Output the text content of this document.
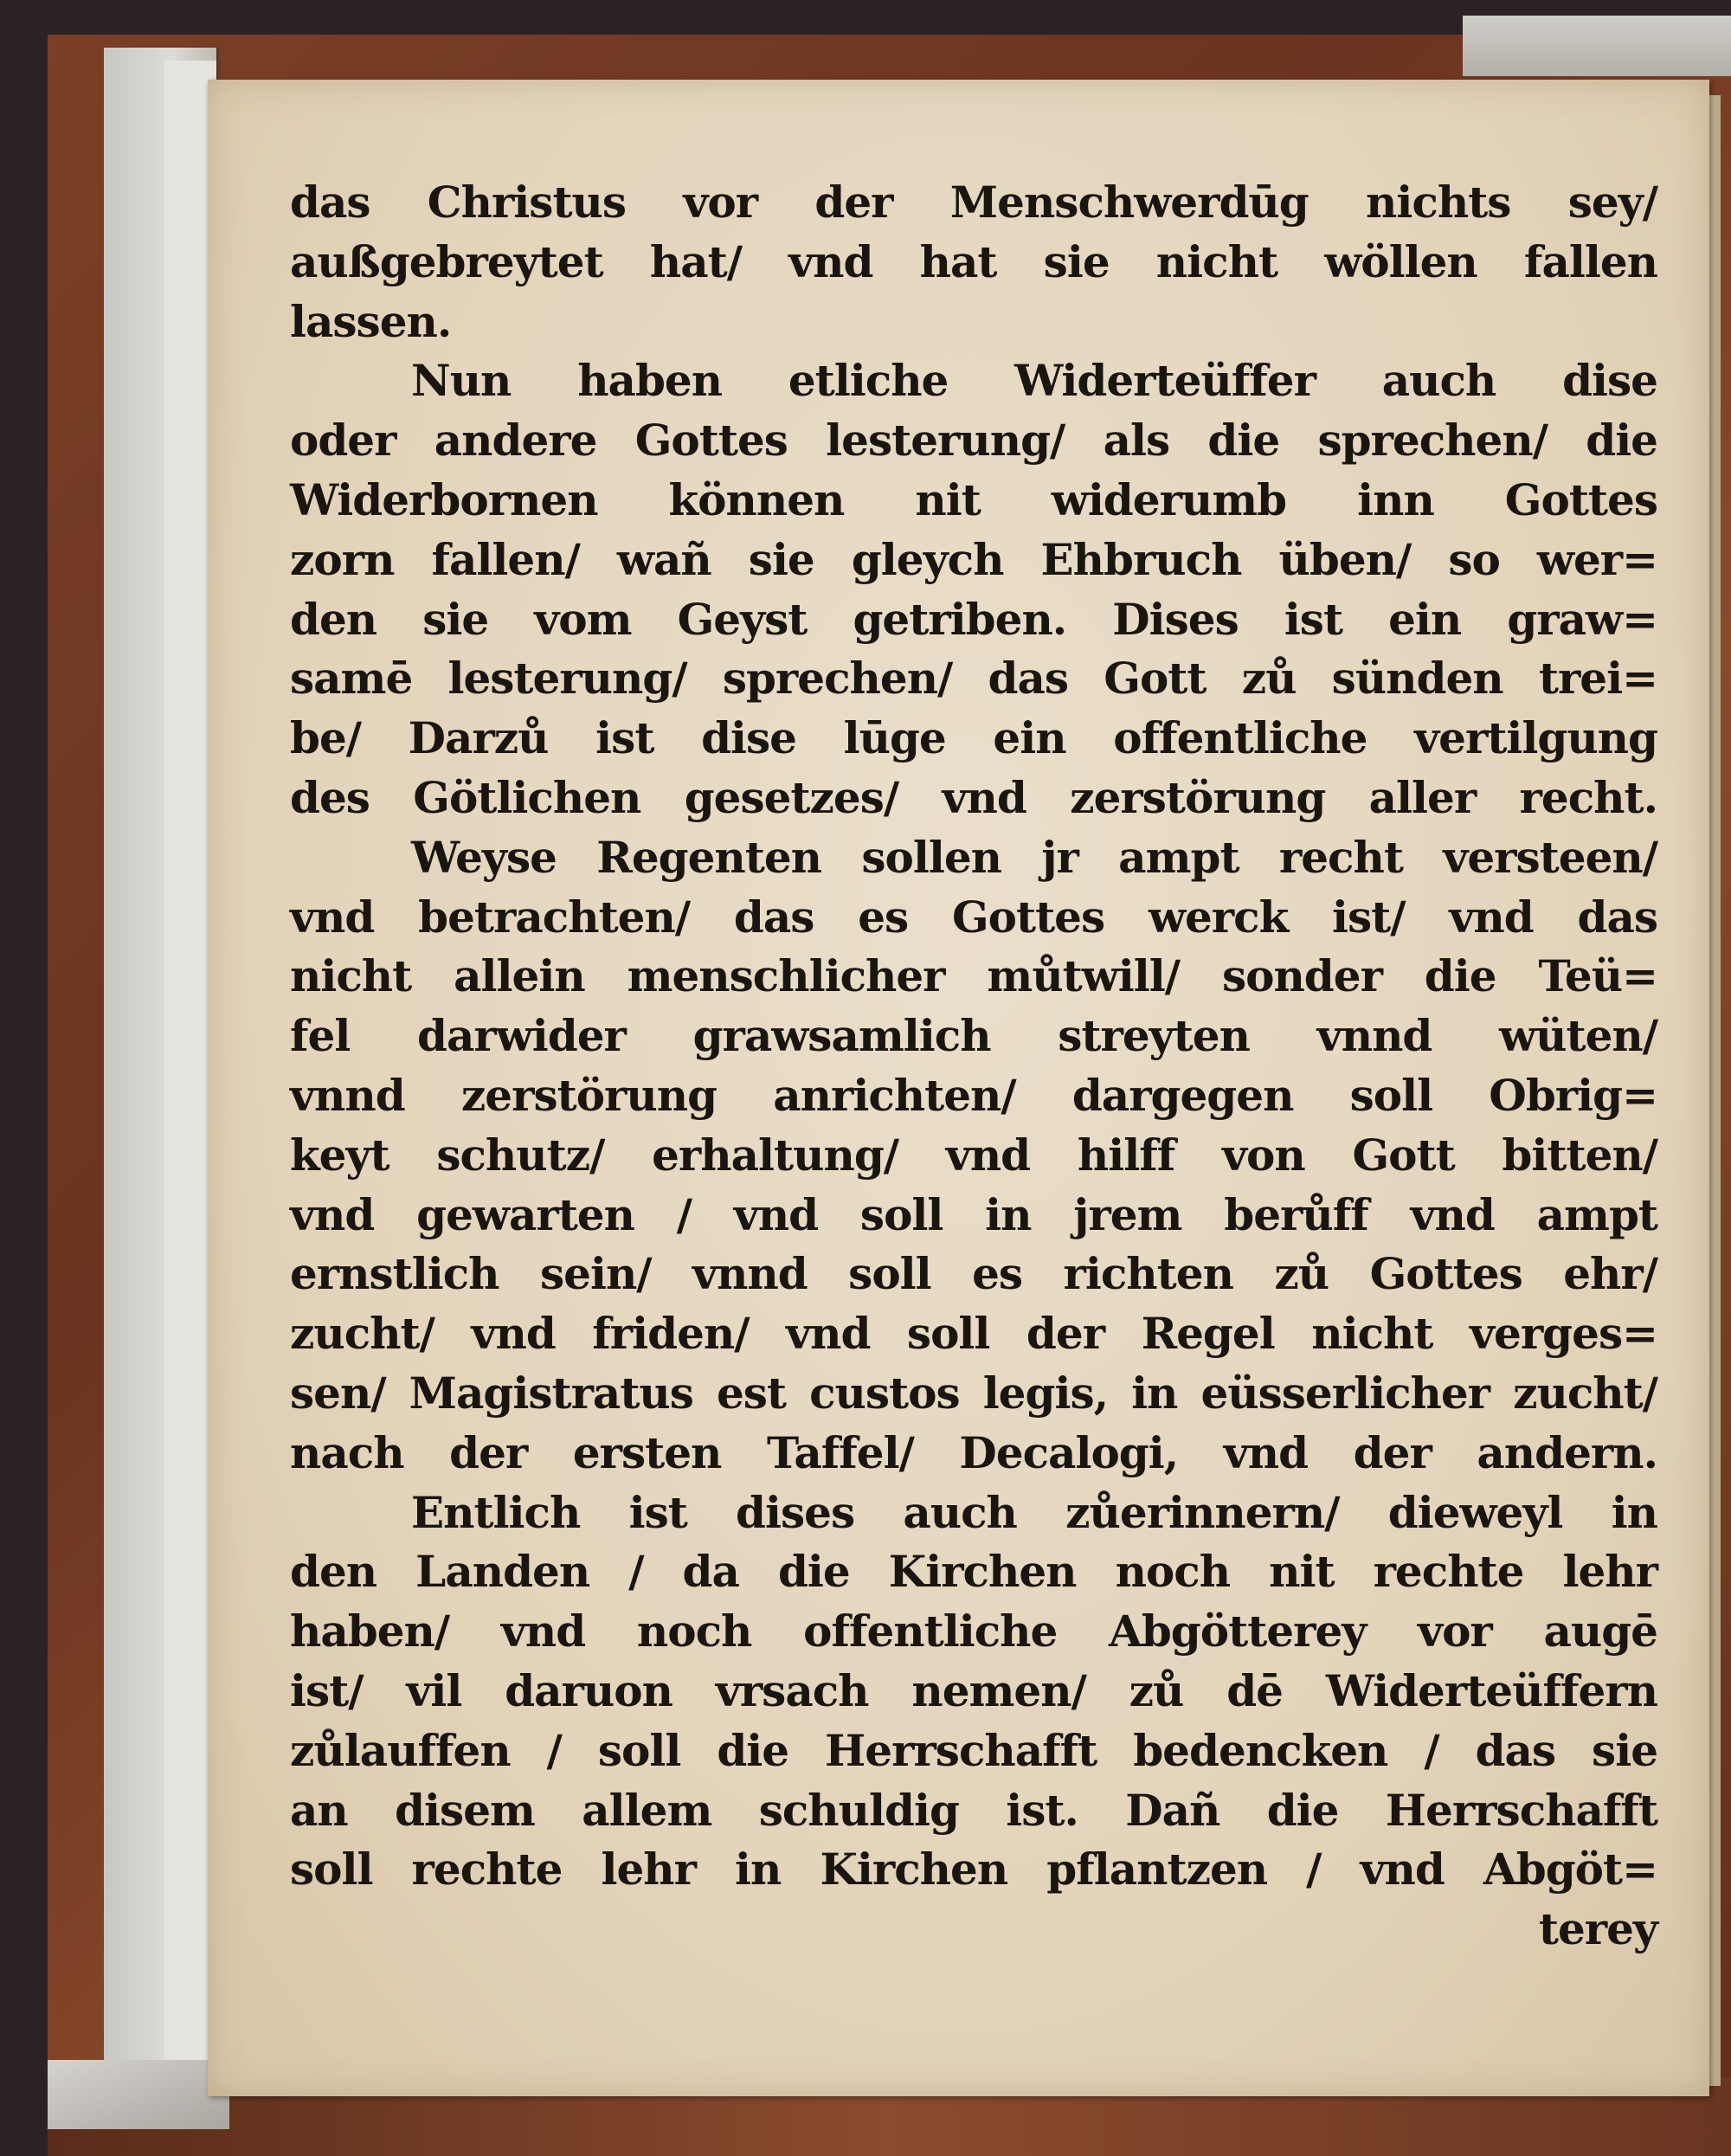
das Christus vor der Menschwerdūg nichts sey/
außgebreytet hat/ vnd hat sie nicht wöllen fallen
lassen.
Nun haben etliche Widerteüffer auch dise
oder andere Gottes lesterung/ als die sprechen/ die
Widerbornen können nit widerumb inn Gottes
zorn fallen/ wañ sie gleych Ehbruch üben/ so wer=
den sie vom Geyst getriben. Dises ist ein graw=
samē lesterung/ sprechen/ das Gott zů sünden trei=
be/ Darzů ist dise lūge ein offentliche vertilgung
des Götlichen gesetzes/ vnd zerstörung aller recht.
Weyse Regenten sollen jr ampt recht versteen/
vnd betrachten/ das es Gottes werck ist/ vnd das
nicht allein menschlicher můtwill/ sonder die Teü=
fel darwider grawsamlich streyten vnnd wüten/
vnnd zerstörung anrichten/ dargegen soll Obrig=
keyt schutz/ erhaltung/ vnd hilff von Gott bitten/
vnd gewarten / vnd soll in jrem berůff vnd ampt
ernstlich sein/ vnnd soll es richten zů Gottes ehr/
zucht/ vnd friden/ vnd soll der Regel nicht verges=
sen/ Magistratus est custos legis, in eüsserlicher zucht/
nach der ersten Taffel/ Decalogi, vnd der andern.
Entlich ist dises auch zůerinnern/ dieweyl in
den Landen / da die Kirchen noch nit rechte lehr
haben/ vnd noch offentliche Abgötterey vor augē
ist/ vil daruon vrsach nemen/ zů dē Widerteüffern
zůlauffen / soll die Herrschafft bedencken / das sie
an disem allem schuldig ist. Dañ die Herrschafft
soll rechte lehr in Kirchen pflantzen / vnd Abgöt=
terey
